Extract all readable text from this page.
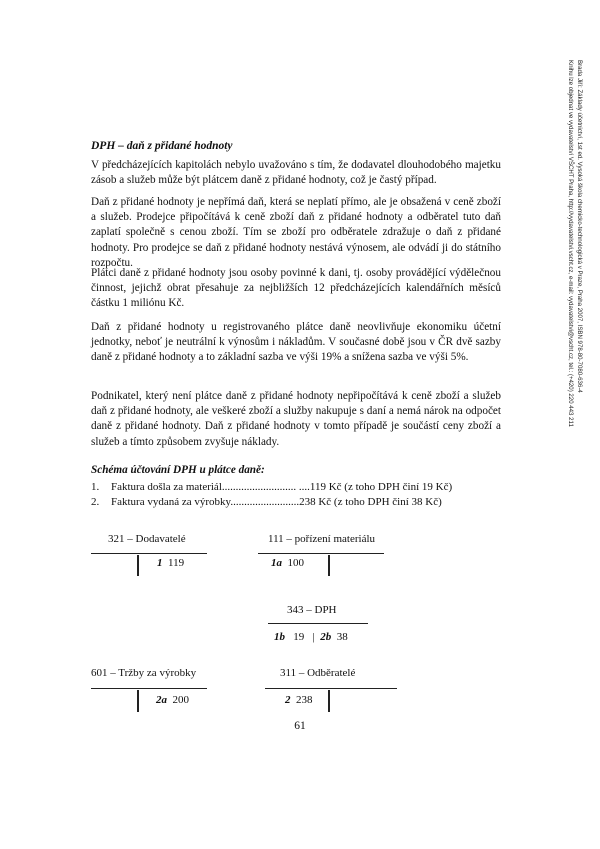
DPH – daň z přidané hodnoty

V předcházejících kapitolách nebylo uvažováno s tím, že dodavatel dlouhodobého majetku zásob a služeb může být plátcem daně z přidané hodnoty, což je častý případ.

Daň z přidané hodnoty je nepřímá daň, která se neplatí přímo, ale je obsažená v ceně zboží a služeb. Prodejce připočítává k ceně zboží daň z přidané hodnoty a odběratel tuto daň zaplatí společně s cenou zboží. Tím se zboží pro odběratele zdražuje o daň z přidané hodnoty. Pro prodejce se daň z přidané hodnoty nestává výnosem, ale odvádí ji do státního rozpočtu.

Plátci daně z přidané hodnoty jsou osoby povinné k dani, tj. osoby provádějící výdělečnou činnost, jejichž obrat přesahuje za nejbližších 12 předcházejících kalendářních měsíců částku 1 miliónu Kč.

Daň z přidané hodnoty u registrovaného plátce daně neovlivňuje ekonomiku účetní jednotky, neboť je neutrální k výnosům i nákladům. V současné době jsou v ČR dvě sazby daně z přidané hodnoty a to základní sazba ve výši 19% a snížena sazba ve výši 5%.

Podnikatel, který není plátce daně z přidané hodnoty nepřipočítává k ceně zboží a služeb daň z přidané hodnoty, ale veškeré zboží a služby nakupuje s daní a nemá nárok na odpočet daně z přidané hodnoty. Daň z přidané hodnoty v tomto případě je součástí ceny zboží a služeb a tímto způsobem zvyšuje náklady.

Schéma účtování DPH u plátce daně:
1.	Faktura došla za materiál........................... ....119 Kč (z toho DPH činí 19 Kč)
2.	Faktura vydaná za výrobky.........................238 Kč (z toho DPH činí 38 Kč)
321 – Dodavatelé
1 119
111 – pořízení materiálu
1a 100
343 – DPH
1b 19 | 2b 38
601 – Tržby za výrobky
2a 200
311 – Odběratelé
2 238
61
Brada Jiří: Základy účetnictví, 1st ed. Vysoká škola chemicko-technologická v Praze, Praha 2007, ISBN 978-80-7080-636-4
Knihu lze objednat ve vydavatelství VŠCHT Praha, http://vydavatelstvi.vscht.cz, e-mail: vydavatelstvi@vscht.cz, tel.: (+420) 220 443 211
